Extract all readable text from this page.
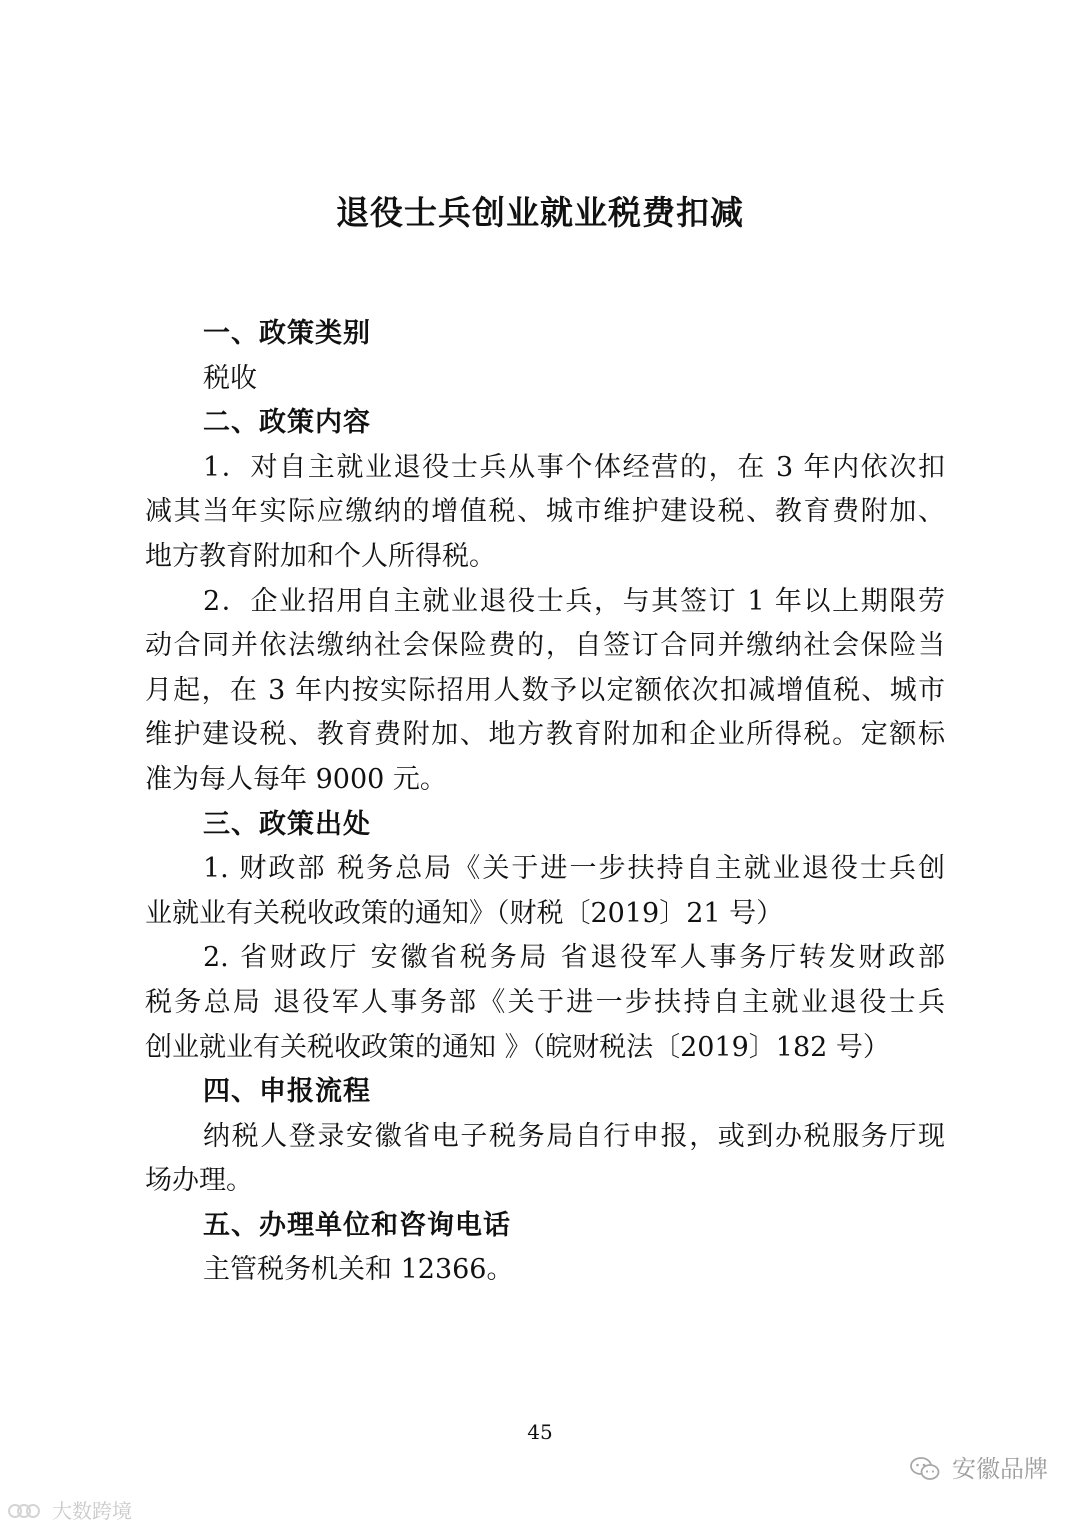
退役士兵创业就业税费扣减
一、政策类别
税收
二、政策内容
1．对自主就业退役士兵从事个体经营的，在 3 年内依次扣
减其当年实际应缴纳的增值税、城市维护建设税、教育费附加、
地方教育附加和个人所得税。
2．企业招用自主就业退役士兵，与其签订 1 年以上期限劳
动合同并依法缴纳社会保险费的，自签订合同并缴纳社会保险当
月起，在 3 年内按实际招用人数予以定额依次扣减增值税、城市
维护建设税、教育费附加、地方教育附加和企业所得税。定额标
准为每人每年 9000 元。
三、政策出处
1. 财政部 税务总局《关于进一步扶持自主就业退役士兵创
业就业有关税收政策的通知》（财税〔2019〕21 号）
2. 省财政厅 安徽省税务局 省退役军人事务厅转发财政部
税务总局 退役军人事务部《关于进一步扶持自主就业退役士兵
创业就业有关税收政策的通知 》（皖财税法〔2019〕182 号）
四、申报流程
纳税人登录安徽省电子税务局自行申报，或到办税服务厅现
场办理。
五、办理单位和咨询电话
主管税务机关和 12366。
45
安徽品牌
大数跨境
